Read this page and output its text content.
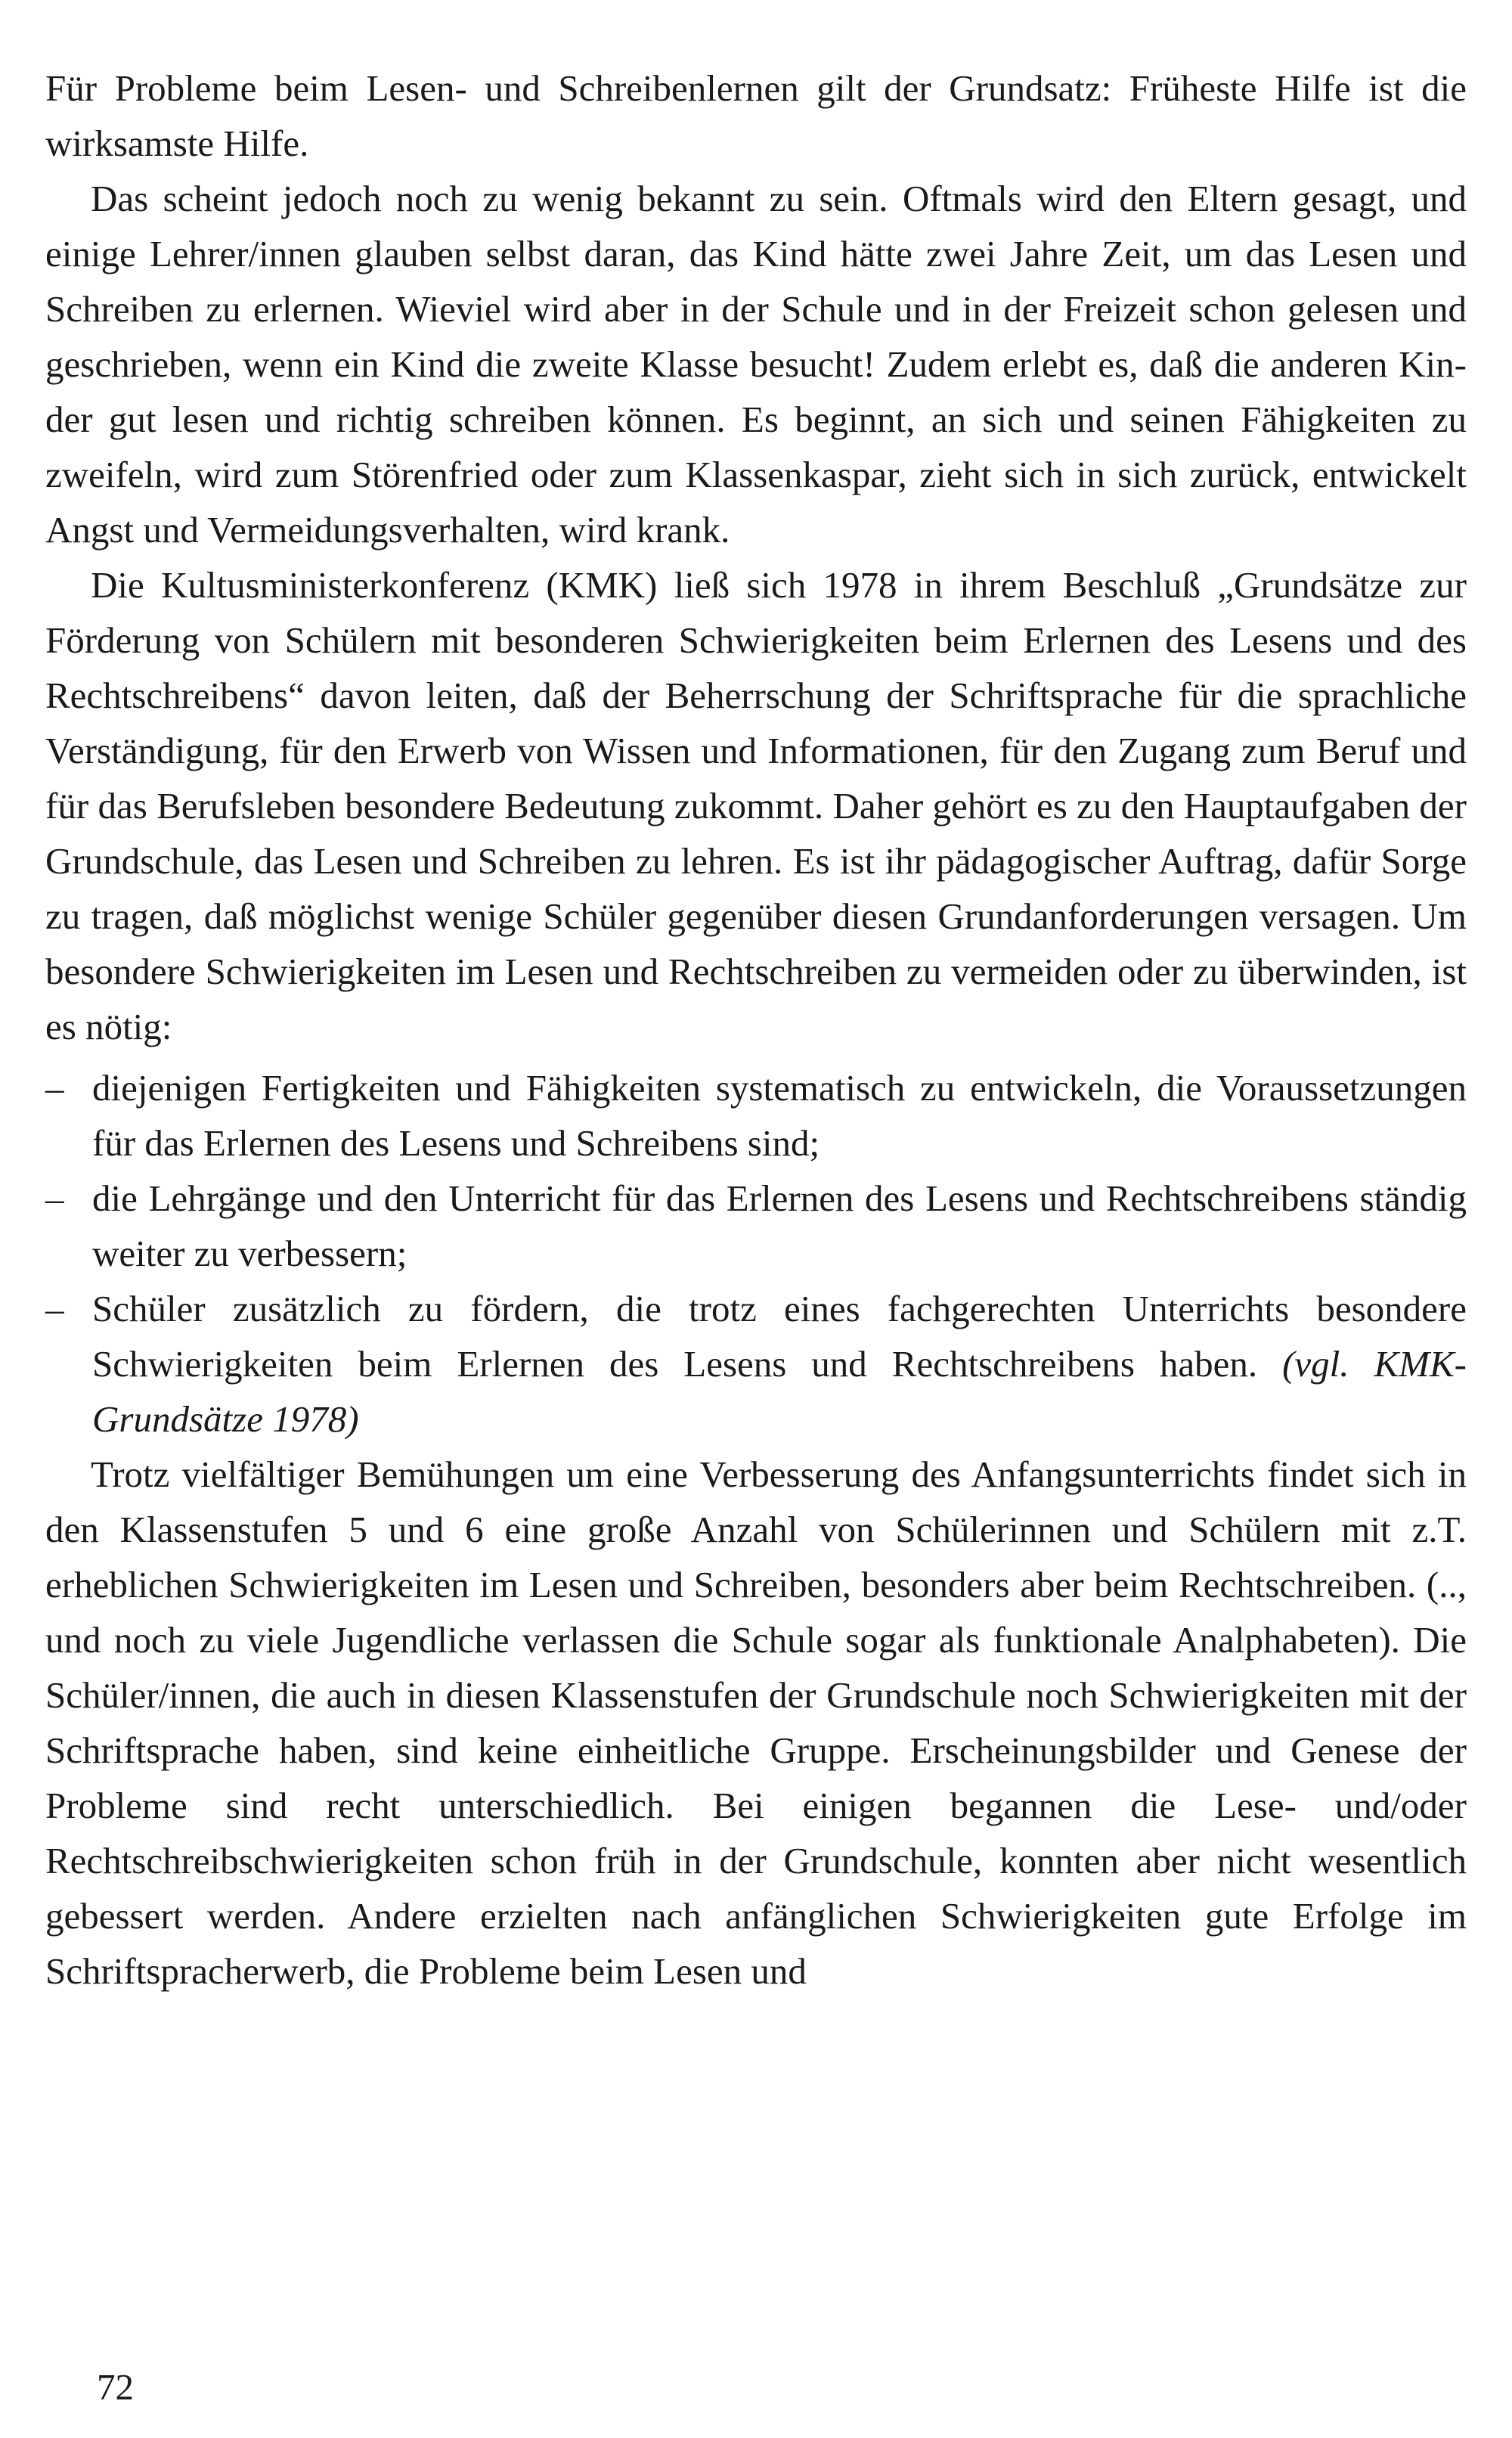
Für Probleme beim Lesen- und Schreibenlernen gilt der Grundsatz: Früheste Hilfe ist die wirksamste Hilfe.

Das scheint jedoch noch zu wenig bekannt zu sein. Oftmals wird den Eltern gesagt, und einige Lehrer/innen glauben selbst daran, das Kind hätte zwei Jahre Zeit, um das Lesen und Schreiben zu erlernen. Wieviel wird aber in der Schule und in der Freizeit schon gelesen und geschrieben, wenn ein Kind die zweite Klasse besucht! Zudem erlebt es, daß die anderen Kinder gut lesen und richtig schreiben können. Es beginnt, an sich und seinen Fähigkeiten zu zweifeln, wird zum Störenfried oder zum Klassenkaspar, zieht sich in sich zurück, entwickelt Angst und Vermeidungsverhalten, wird krank.

Die Kultusministerkonferenz (KMK) ließ sich 1978 in ihrem Beschluß „Grundsätze zur Förderung von Schülern mit besonderen Schwierigkeiten beim Erlernen des Lesens und des Rechtschreibens“ davon leiten, daß der Beherrschung der Schriftsprache für die sprachliche Verständigung, für den Erwerb von Wissen und Informationen, für den Zugang zum Beruf und für das Berufsleben besondere Bedeutung zukommt. Daher gehört es zu den Hauptaufgaben der Grundschule, das Lesen und Schreiben zu lehren. Es ist ihr pädagogischer Auftrag, dafür Sorge zu tragen, daß möglichst wenige Schüler gegenüber diesen Grundanforderungen versagen. Um besondere Schwierigkeiten im Lesen und Rechtschreiben zu vermeiden oder zu überwinden, ist es nötig:

– diejenigen Fertigkeiten und Fähigkeiten systematisch zu entwickeln, die Voraussetzungen für das Erlernen des Lesens und Schreibens sind;
– die Lehrgänge und den Unterricht für das Erlernen des Lesens und Rechtschreibens ständig weiter zu verbessern;
– Schüler zusätzlich zu fördern, die trotz eines fachgerechten Unterrichts besondere Schwierigkeiten beim Erlernen des Lesens und Rechtschreibens haben. (vgl. KMK-Grundsätze 1978)

Trotz vielfältiger Bemühungen um eine Verbesserung des Anfangsunterrichts findet sich in den Klassenstufen 5 und 6 eine große Anzahl von Schülerinnen und Schülern mit z.T. erheblichen Schwierigkeiten im Lesen und Schreiben, besonders aber beim Rechtschreiben. (.., und noch zu viele Jugendliche verlassen die Schule sogar als funktionale Analphabeten). Die Schüler/innen, die auch in diesen Klassenstufen der Grundschule noch Schwierigkeiten mit der Schriftsprache haben, sind keine einheitliche Gruppe. Erscheinungsbilder und Genese der Probleme sind recht unterschiedlich. Bei einigen begannen die Lese- und/oder Rechtschreibschwierigkeiten schon früh in der Grundschule, konnten aber nicht wesentlich gebessert werden. Andere erzielten nach anfänglichen Schwierigkeiten gute Erfolge im Schriftspracherwerb, die Probleme beim Lesen und

72
